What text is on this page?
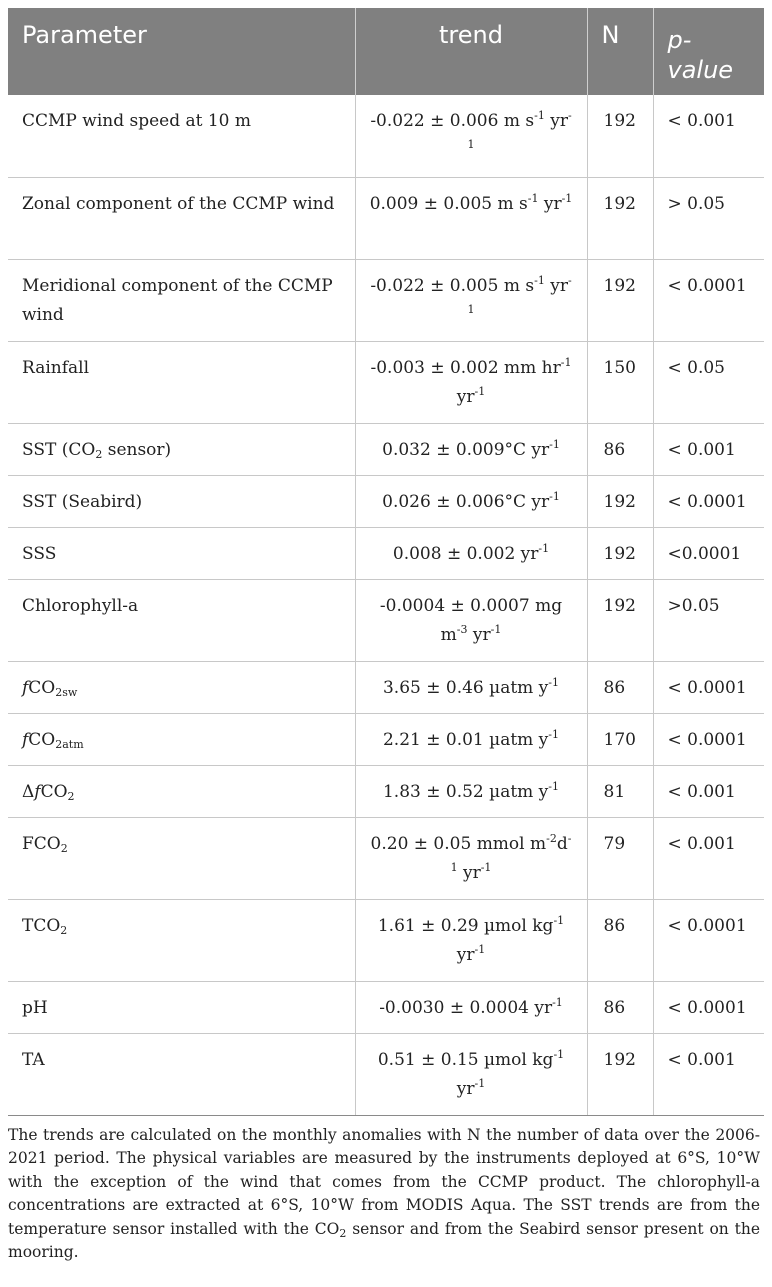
Parameter	trend	N	p-value
CCMP wind speed at 10 m	-0.022 ± 0.006 m $s^{-1}$ $yr^{-1}$	192	< 0.001
Zonal component of the CCMP wind	0.009 ± 0.005 m $s^{-1}$ $yr^{-1}$	192	> 0.05
Meridional component of the CCMP wind	-0.022 ± 0.005 m $s^{-1}$ $yr^{-1}$	192	< 0.0001
Rainfall	-0.003 ± 0.002 mm $hr^{-1}$ $yr^{-1}$	150	< 0.05
SST ($CO_2$ sensor)	0.032 ± 0.009°C $yr^{-1}$	86	< 0.001
SST (Seabird)	0.026 ± 0.006°C $yr^{-1}$	192	< 0.0001
SSS	0.008 ± 0.002 $yr^{-1}$	192	<0.0001
Chlorophyll-a	-0.0004 ± 0.0007 mg $m^{-3}$ $yr^{-1}$	192	>0.05
fCO$_{2sw}$	3.65 ± 0.46 µatm $y^{-1}$	86	< 0.0001
fCO$_{2atm}$	2.21 ± 0.01 µatm $y^{-1}$	170	< 0.0001
ΔfCO$_2$	1.83 ± 0.52 µatm $y^{-1}$	81	< 0.001
$FCO_2$	0.20 ± 0.05 mmol $m^{-2}d^{-1}$ $yr^{-1}$	79	< 0.001
$TCO_2$	1.61 ± 0.29 µmol $kg^{-1}$ $yr^{-1}$	86	< 0.0001
pH	-0.0030 ± 0.0004 $yr^{-1}$	86	< 0.0001
TA	0.51 ± 0.15 µmol $kg^{-1}$ $yr^{-1}$	192	< 0.001
The trends are calculated on the monthly anomalies with N the number of data over the 2006-2021 period. The physical variables are measured by the instruments deployed at 6°S, 10°W with the exception of the wind that comes from the CCMP product. The chlorophyll-a concentrations are extracted at 6°S, 10°W from MODIS Aqua. The SST trends are from the temperature sensor installed with the $CO_2$ sensor and from the Seabird sensor present on the mooring.
